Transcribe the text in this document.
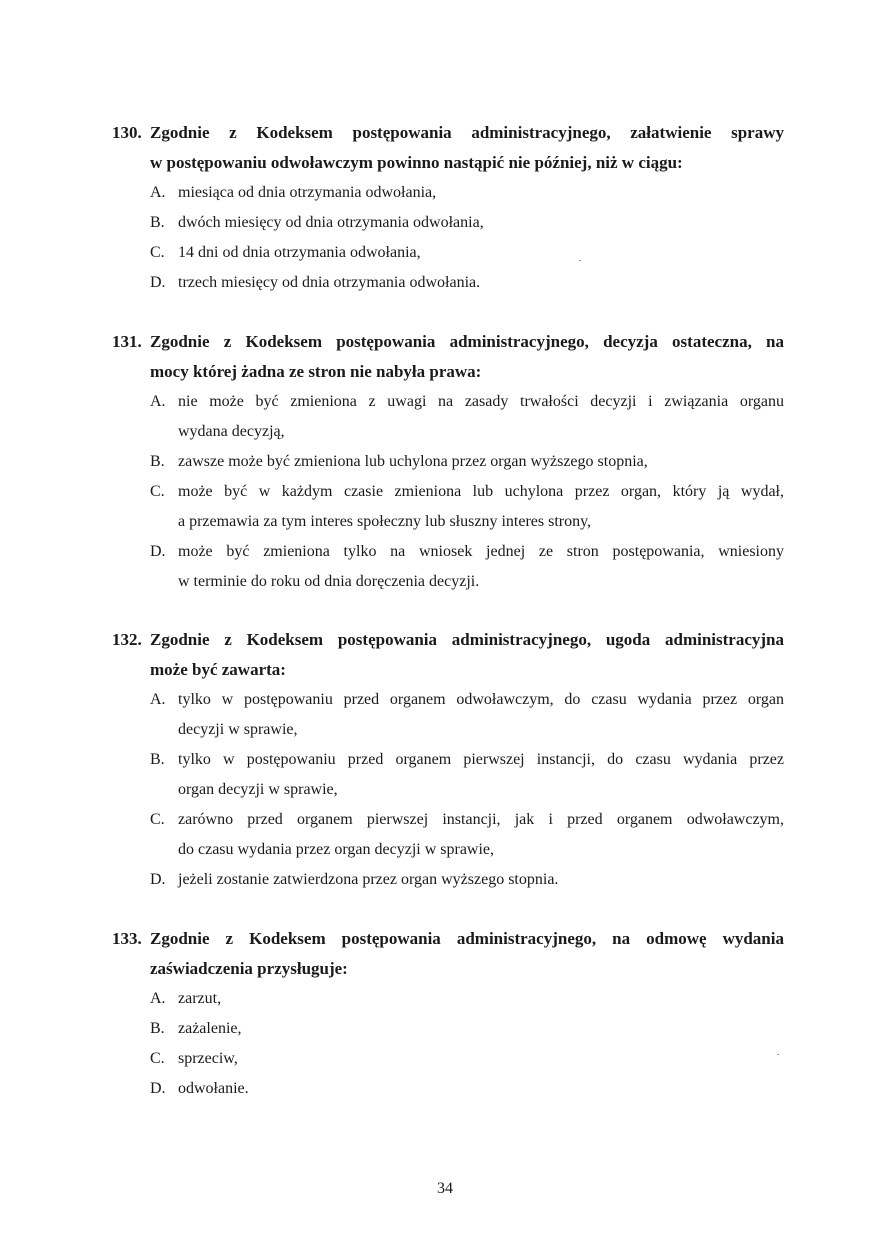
130. Zgodnie z Kodeksem postępowania administracyjnego, załatwienie sprawy
w postępowaniu odwoławczym powinno nastąpić nie później, niż w ciągu:
A. miesiąca od dnia otrzymania odwołania,
B. dwóch miesięcy od dnia otrzymania odwołania,
C. 14 dni od dnia otrzymania odwołania,
D. trzech miesięcy od dnia otrzymania odwołania.
131. Zgodnie z Kodeksem postępowania administracyjnego, decyzja ostateczna, na
mocy której żadna ze stron nie nabyła prawa:
A. nie może być zmieniona z uwagi na zasady trwałości decyzji i związania organu
wydana decyzją,
B. zawsze może być zmieniona lub uchylona przez organ wyższego stopnia,
C. może być w każdym czasie zmieniona lub uchylona przez organ, który ją wydał,
a przemawia za tym interes społeczny lub słuszny interes strony,
D. może być zmieniona tylko na wniosek jednej ze stron postępowania, wniesiony
w terminie do roku od dnia doręczenia decyzji.
132. Zgodnie z Kodeksem postępowania administracyjnego, ugoda administracyjna
może być zawarta:
A. tylko w postępowaniu przed organem odwoławczym, do czasu wydania przez organ
decyzji w sprawie,
B. tylko w postępowaniu przed organem pierwszej instancji, do czasu wydania przez
organ decyzji w sprawie,
C. zarówno przed organem pierwszej instancji, jak i przed organem odwoławczym,
do czasu wydania przez organ decyzji w sprawie,
D. jeżeli zostanie zatwierdzona przez organ wyższego stopnia.
133. Zgodnie z Kodeksem postępowania administracyjnego, na odmowę wydania
zaświadczenia przysługuje:
A. zarzut,
B. zażalenie,
C. sprzeciw,
D. odwołanie.
34
